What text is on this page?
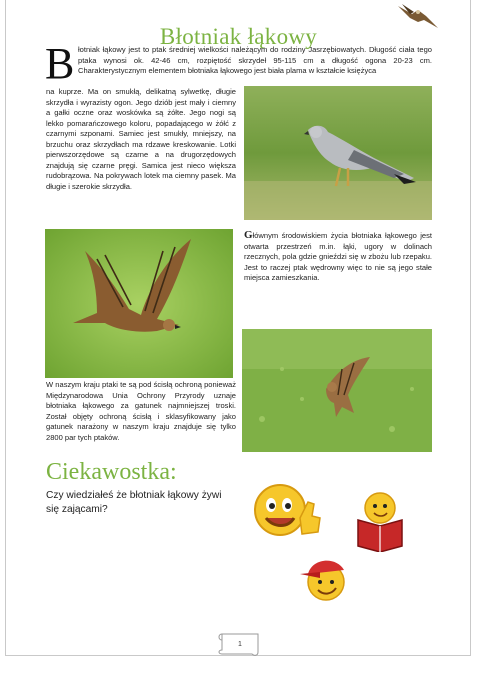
Błotniak łąkowy
B łotniak łąkowy jest to ptak średniej wielkości należącym do rodziny Jasrzębiowatych. Długość ciała tego ptaka wynosi ok. 42-46 cm, rozpiętość skrzydeł 95-115 cm a długość ogona 20-23 cm. Charakterystycznym elementem błotniaka łąkowego jest biała plama w kształcie księżyca

na kuprze. Ma on smukłą, delikatną sylwetkę, długie skrzydła i wyrazisty ogon. Jego dziób jest mały i ciemny a gałki oczne oraz woskówka są żółte. Jego nogi są lekko pomarańczowego koloru, popadającego w żółć z czarnymi szponami. Samiec jest smukły, mniejszy, na brzuchu oraz skrzydłach ma rdzawe kreskowanie. Lotki pierwszorzędowe są czarne a na drugorzędowych znajdują się czarne pręgi. Samica jest nieco większa rudobrązowa. Na pokrywach lotek ma ciemny pasek. Ma długie i szerokie skrzydła.

Głównym środowiskiem życia błotniaka łąkowego jest otwarta przestrzeń m.in. łąki, ugory w dolinach rzecznych, pola gdzie gnieździ się w zbożu lub rzepaku. Jest to raczej ptak wędrowny więc to nie są jego stałe miejsca zamieszkania.

W naszym kraju ptaki te są pod ścisłą ochroną ponieważ Międzynarodowa Unia Ochrony Przyrody uznaje błotniaka łąkowego za gatunek najmniejszej troski. Został objęty ochroną ścisłą i sklasyfikowany jako gatunek narażony w naszym kraju znajduje się tylko 2800 par tych ptaków.

Ciekawostka:

Czy wiedziałeś że błotniak łąkowy żywi się zającami?

1
